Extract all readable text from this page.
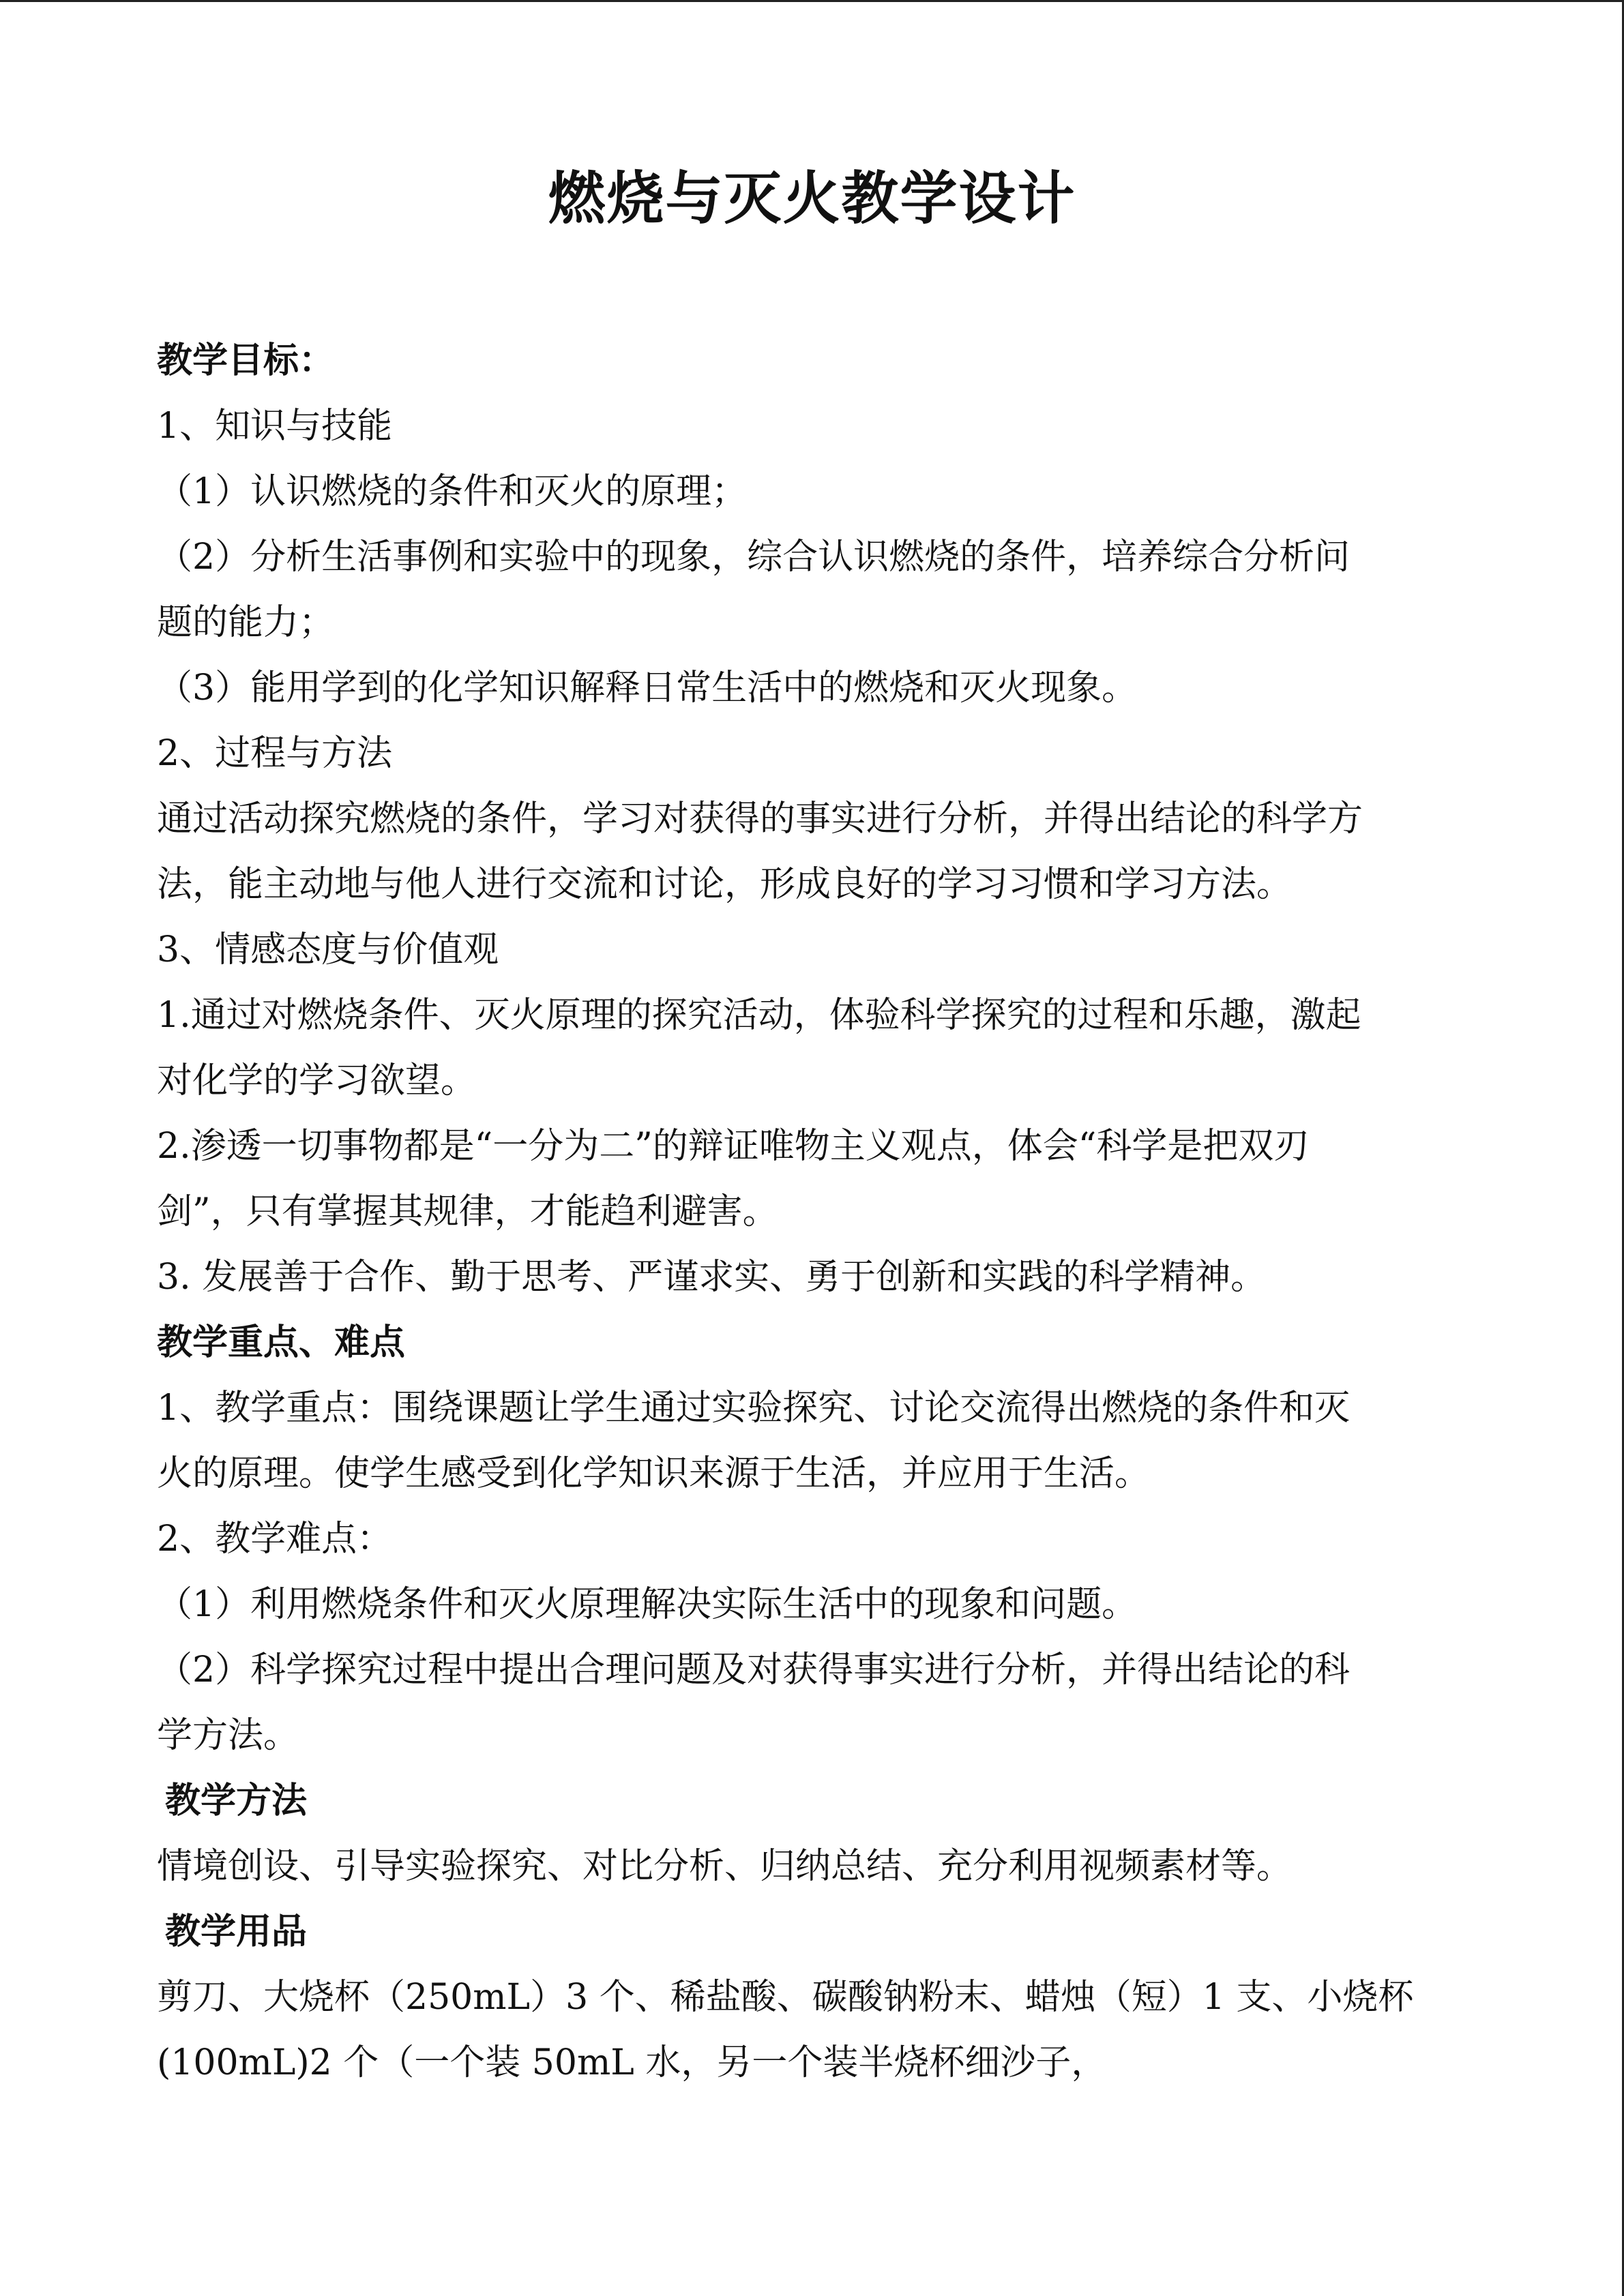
燃烧与灭火教学设计
教学目标：
1、知识与技能
（1）认识燃烧的条件和灭火的原理；
（2）分析生活事例和实验中的现象，综合认识燃烧的条件，培养综合分析问
题的能力；
（3）能用学到的化学知识解释日常生活中的燃烧和灭火现象。
2、过程与方法
通过活动探究燃烧的条件，学习对获得的事实进行分析，并得出结论的科学方
法，能主动地与他人进行交流和讨论，形成良好的学习习惯和学习方法。
3、情感态度与价值观
1.通过对燃烧条件、灭火原理的探究活动，体验科学探究的过程和乐趣，激起
对化学的学习欲望。
2.渗透一切事物都是“一分为二”的辩证唯物主义观点，体会“科学是把双刃
剑”，只有掌握其规律，才能趋利避害。
3. 发展善于合作、勤于思考、严谨求实、勇于创新和实践的科学精神。
教学重点、难点
1、教学重点：围绕课题让学生通过实验探究、讨论交流得出燃烧的条件和灭
火的原理。使学生感受到化学知识来源于生活，并应用于生活。
2、教学难点：
（1）利用燃烧条件和灭火原理解决实际生活中的现象和问题。
（2）科学探究过程中提出合理问题及对获得事实进行分析，并得出结论的科
学方法。
教学方法
情境创设、引导实验探究、对比分析、归纳总结、充分利用视频素材等。
教学用品
剪刀、大烧杯（250mL）3 个、稀盐酸、碳酸钠粉末、蜡烛（短）1 支、小烧杯
(100mL)2 个（一个装 50mL 水，另一个装半烧杯细沙子，
